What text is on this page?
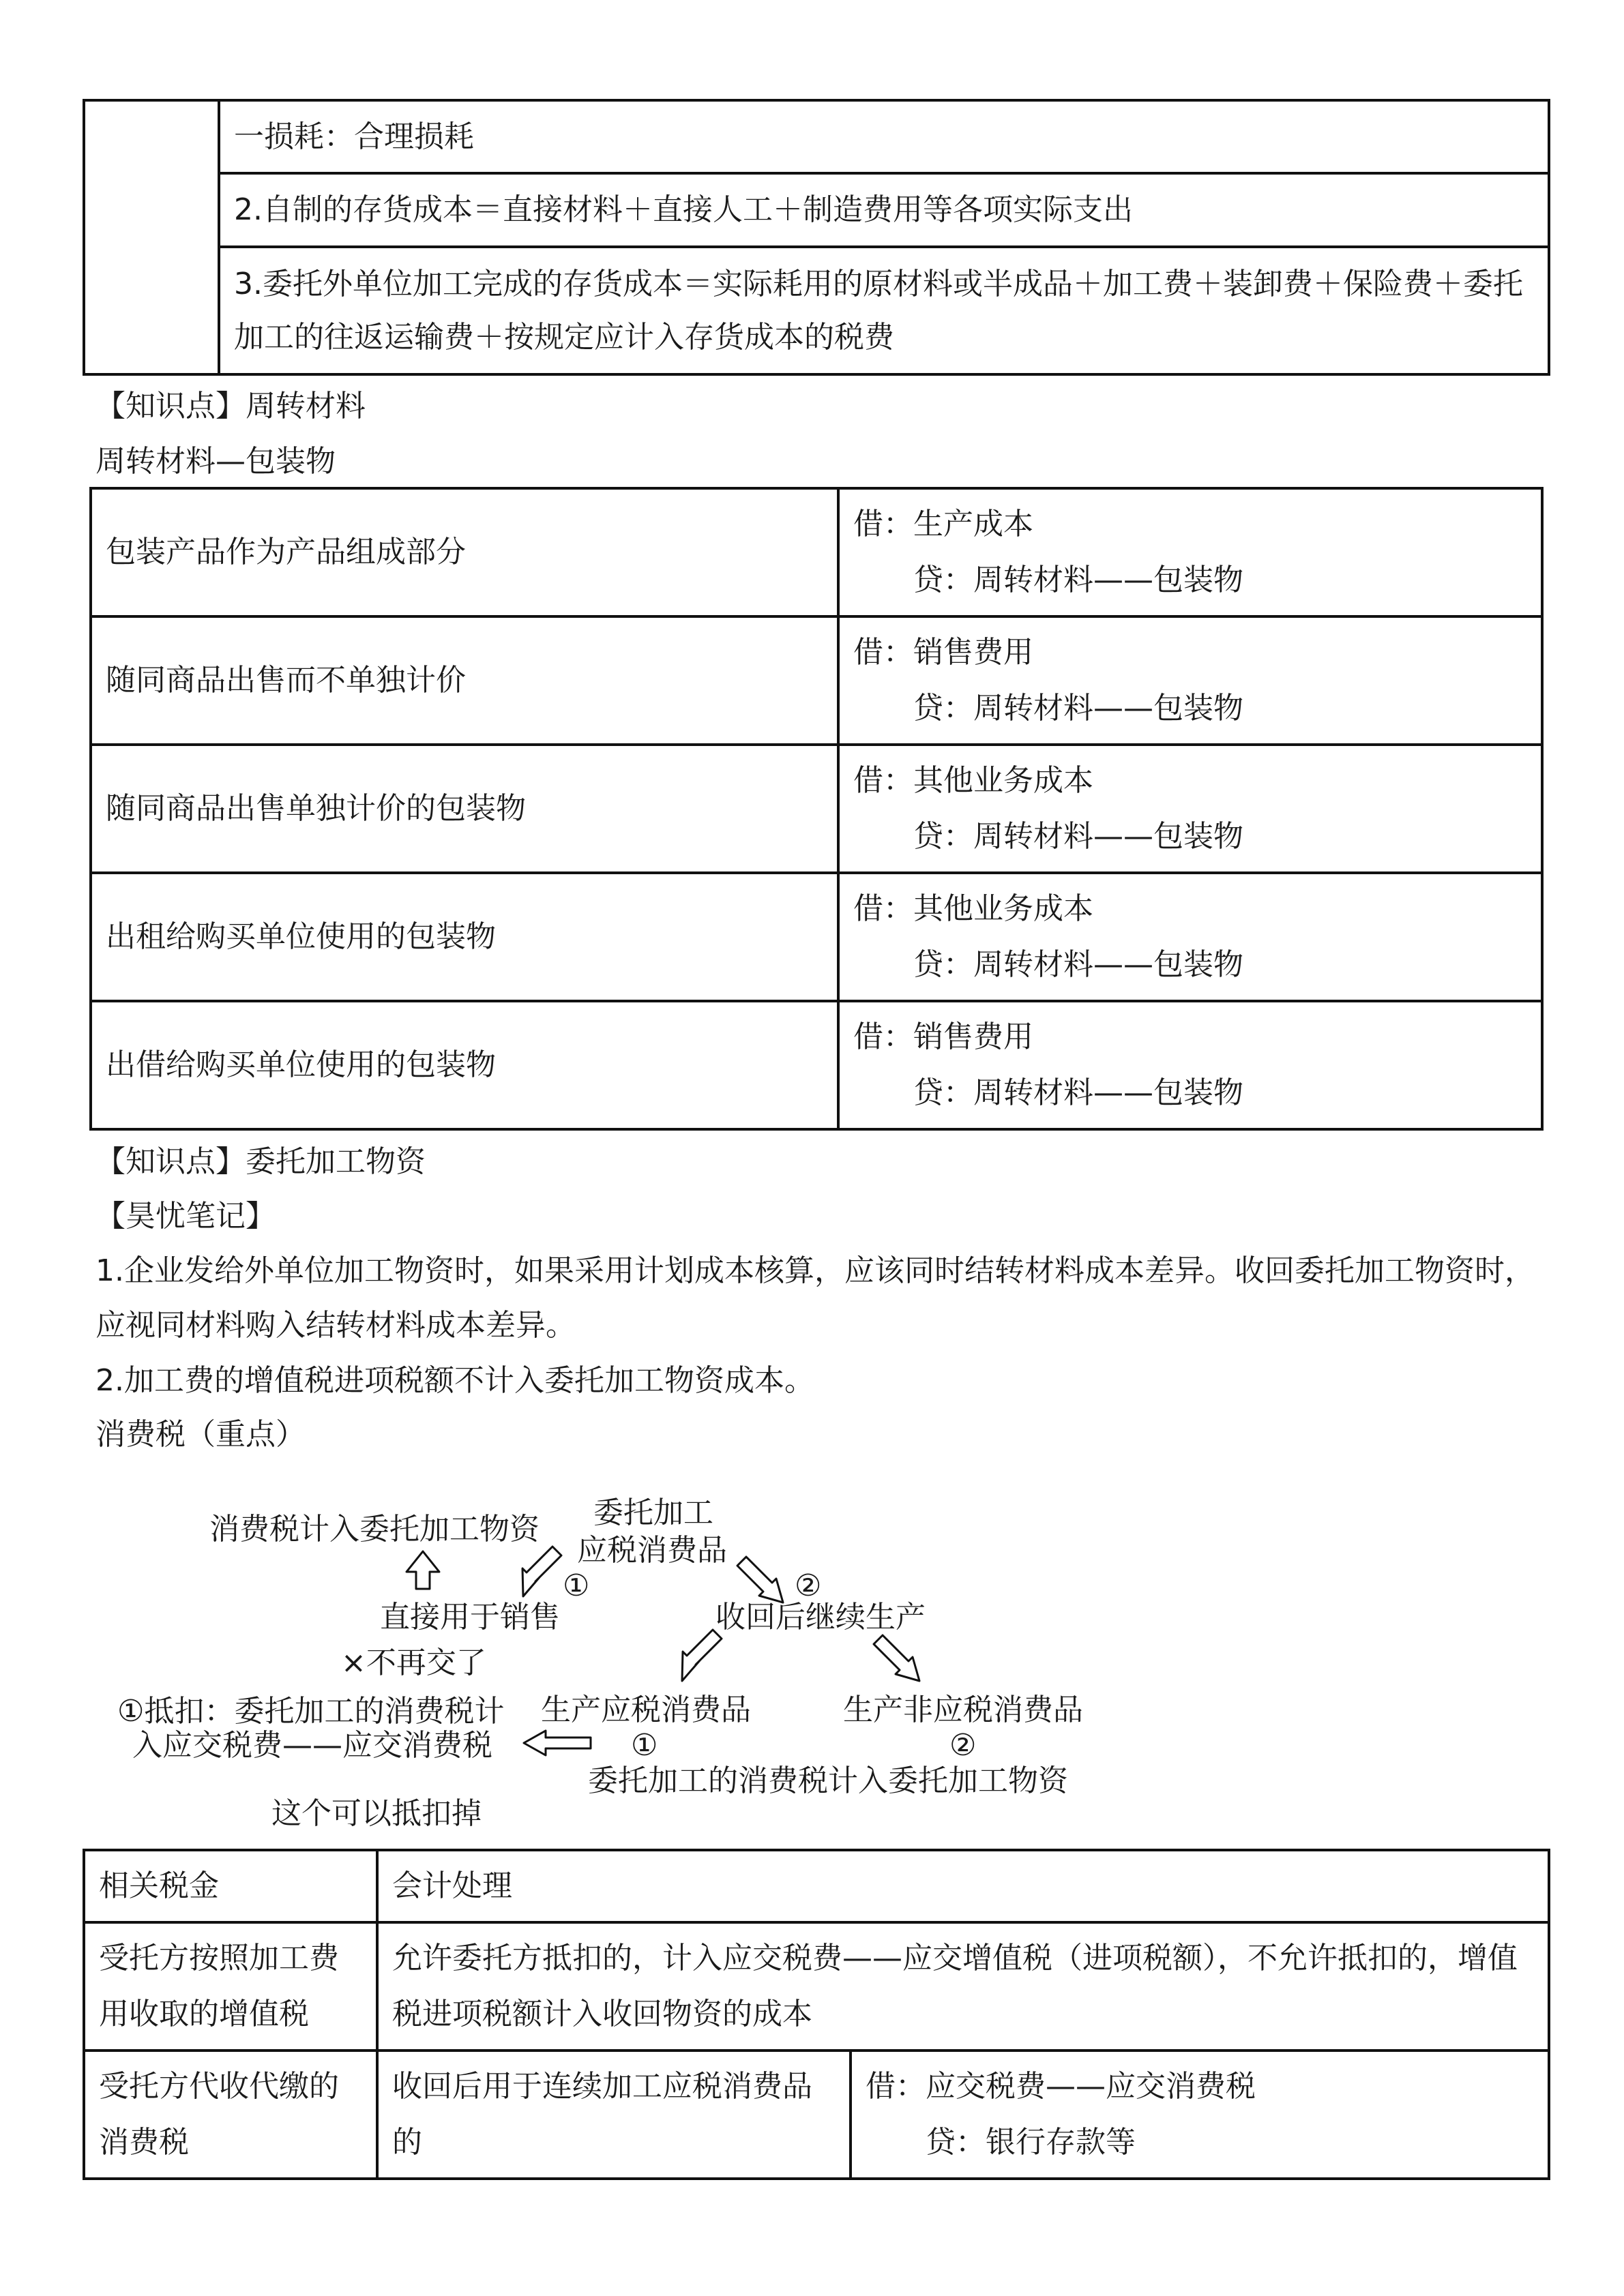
	一损耗：合理损耗
2.自制的存货成本＝直接材料＋直接人工＋制造费用等各项实际支出
3.委托外单位加工完成的存货成本＝实际耗用的原材料或半成品＋加工费＋装卸费＋保险费＋委托加工的往返运输费＋按规定应计入存货成本的税费
【知识点】周转材料
周转材料—包装物
包装产品作为产品组成部分	借：生产成本
贷：周转材料——包装物

随同商品出售而不单独计价	借：销售费用
贷：周转材料——包装物

随同商品出售单独计价的包装物	借：其他业务成本
贷：周转材料——包装物

出租给购买单位使用的包装物	借：其他业务成本
贷：周转材料——包装物

出借给购买单位使用的包装物	借：销售费用
贷：周转材料——包装物
【知识点】委托加工物资
【昊忧笔记】
1.企业发给外单位加工物资时，如果采用计划成本核算，应该同时结转材料成本差异。收回委托加工物资时，应视同材料购入结转材料成本差异。
2.加工费的增值税进项税额不计入委托加工物资成本。
消费税（重点）
消费税计入委托加工物资 委托加工
应税消费品
①	②
直接用于销售	收回后继续生产
×不再交了
生产应税消费品	生产非应税消费品
①抵扣：委托加工的消费税计
入应交税费——应交消费税	①	②
委托加工的消费税计入委托加工物资
这个可以抵扣掉
相关税金	会计处理	
受托方按照加工费用收取的增值税	允许委托方抵扣的，计入应交税费——应交增值税（进项税额），不允许抵扣的，增值税进项税额计入收回物资的成本	
受托方代收代缴的消费税	收回后用于连续加工应税消费品的	借：应交税费——应交消费税
贷：银行存款等
